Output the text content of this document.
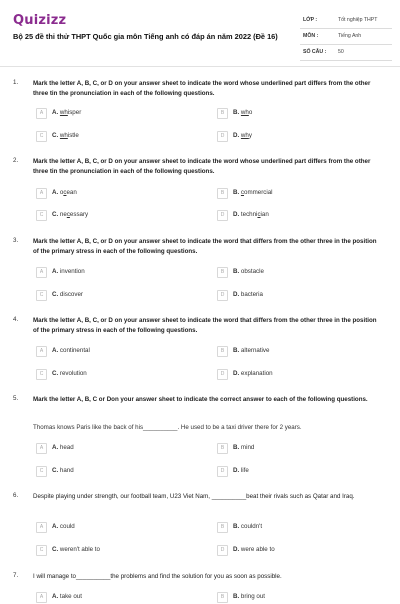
Quizizz
Bộ 25 đề thi thử THPT Quốc gia môn Tiếng anh có đáp án năm 2022 (Đề 16)
LỚP :	Tốt nghiệp THPT
MÔN :	Tiếng Anh
SỐ CÂU : 50
1. Mark the letter A, B, C, or D on your answer sheet to indicate the word whose underlined part differs from the other three tin the pronunciation in each of the following questions.
A	A. whisper	B	B. who
C	C. whistle	D	D. why
2. Mark the letter A, B, C, or D on your answer sheet to indicate the word whose underlined part differs from the other three tin the pronunciation in each of the following questions.
A	A. ocean	B	B. commercial
C	C. necessary	D	D. technician
3. Mark the letter A, B, C, or D on your answer sheet to indicate the word that differs from the other three in the position of the primary stress in each of the following questions.
A	A. invention	B	B. obstacle
C	C. discover	D	D. bacteria
4. Mark the letter A, B, C, or D on your answer sheet to indicate the word that differs from the other three in the position of the primary stress in each of the following questions.
A	A. continental	B	B. alternative
C	C. revolution	D	D. explanation
5. Mark the letter A, B, C or Don your answer sheet to indicate the correct answer to each of the following questions.
Thomas knows Paris like the back of his__________. He used to be a taxi driver there for 2 years.
A	A. head	B	B. mind
C	C. hand	D	D. life
6. Despite playing under strength, our football team, U23 Viet Nam, __________beat their rivals such as Qatar and Iraq.
A	A. could	B	B. couldn't
C	C. weren't able to	D	D. were able to
7. I will manage to__________the problems and find the solution for you as soon as possible.
A	A. take out	B	B. bring out
